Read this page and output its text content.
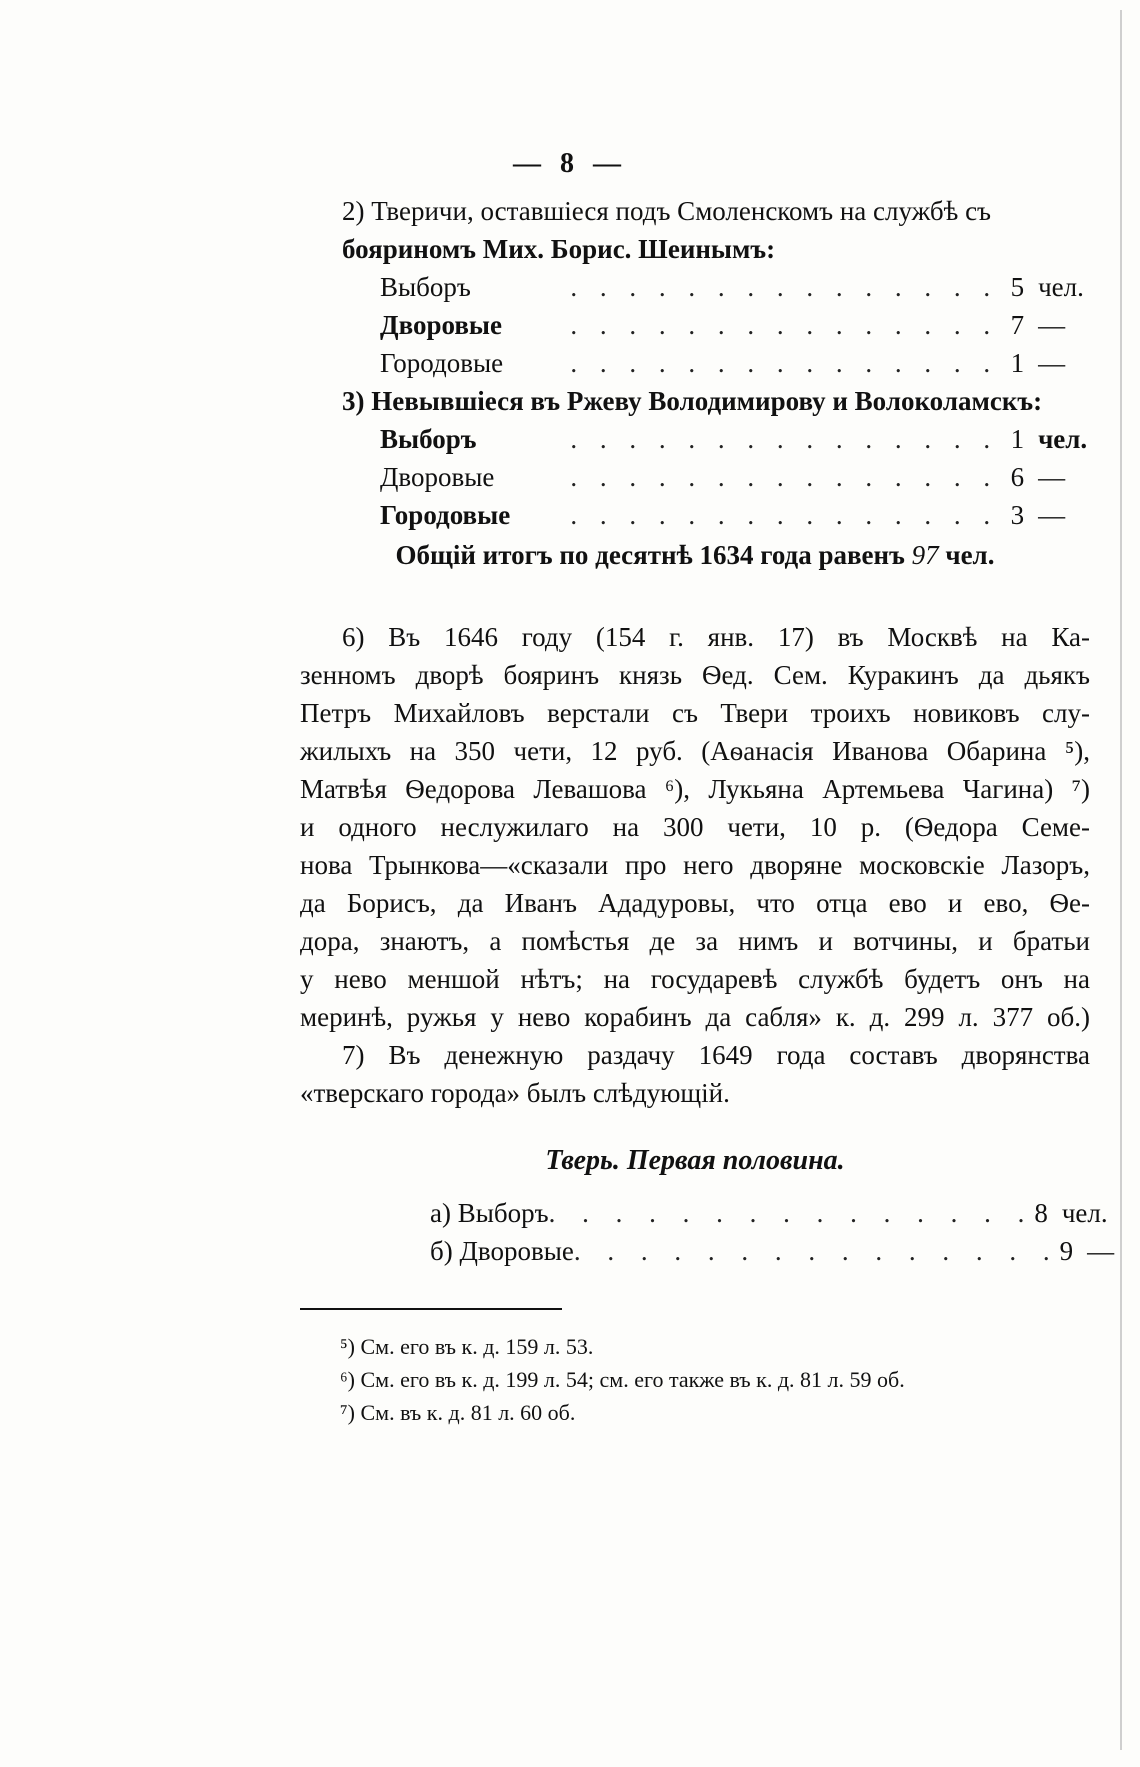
— 8 —
2) Тверичи, оставшіеся подъ Смоленскомъ на службѣ съ
бояриномъ Мих. Борис. Шеинымъ:
Выборъ	. . . . . . . . . . . . . . . 5 чел.
Дворовые	. . . . . . . . . . . . . . . 7 —
Городовые	. . . . . . . . . . . . . . . 1 —
3) Невывшіеся въ Ржеву Володимирову и Волоколамскъ:
Выборъ	. . . . . . . . . . . . . . . 1 чел.
Дворовые	. . . . . . . . . . . . . . . 6 —
Городовые	. . . . . . . . . . . . . . . 3 —
Общій итогъ по десятнѣ 1634 года равенъ 97 чел.
6) Въ 1646 году (154 г. янв. 17) въ Москвѣ на Ка-
зенномъ дворѣ бояринъ князь Ѳед. Сем. Куракинъ да дьякъ
Петръ Михайловъ верстали съ Твери троихъ новиковъ слу-
жилыхъ на 350 чети, 12 руб. (Аѳанасія Иванова Обарина ⁵),
Матвѣя Ѳедорова Левашова ⁶), Лукьяна Артемьева Чагина) ⁷)
и одного неслужилаго на 300 чети, 10 р. (Ѳедора Семе-
нова Трынкова—«сказали про него дворяне московскіе Лазоръ,
да Борисъ, да Иванъ Ададуровы, что отца ево и ево, Ѳе-
дора, знаютъ, а помѣстья де за нимъ и вотчины, и братьи
у нево меншой нѣтъ; на государевѣ службѣ будетъ онъ на
меринѣ, ружья у нево корабинъ да сабля» к. д. 299 л. 377 об.)
7) Въ денежную раздачу 1649 года составъ дворянства
«тверскаго города» былъ слѣдующій.
Тверь. Первая половина.
а) Выборъ . . . . . . . . . . . . . . . 8 чел.
б) Дворовые . . . . . . . . . . . . . . . 9 —
⁵) См. его въ к. д. 159 л. 53.
⁶) См. его въ к. д. 199 л. 54; см. его также въ к. д. 81 л. 59 об.
⁷) См. въ к. д. 81 л. 60 об.
